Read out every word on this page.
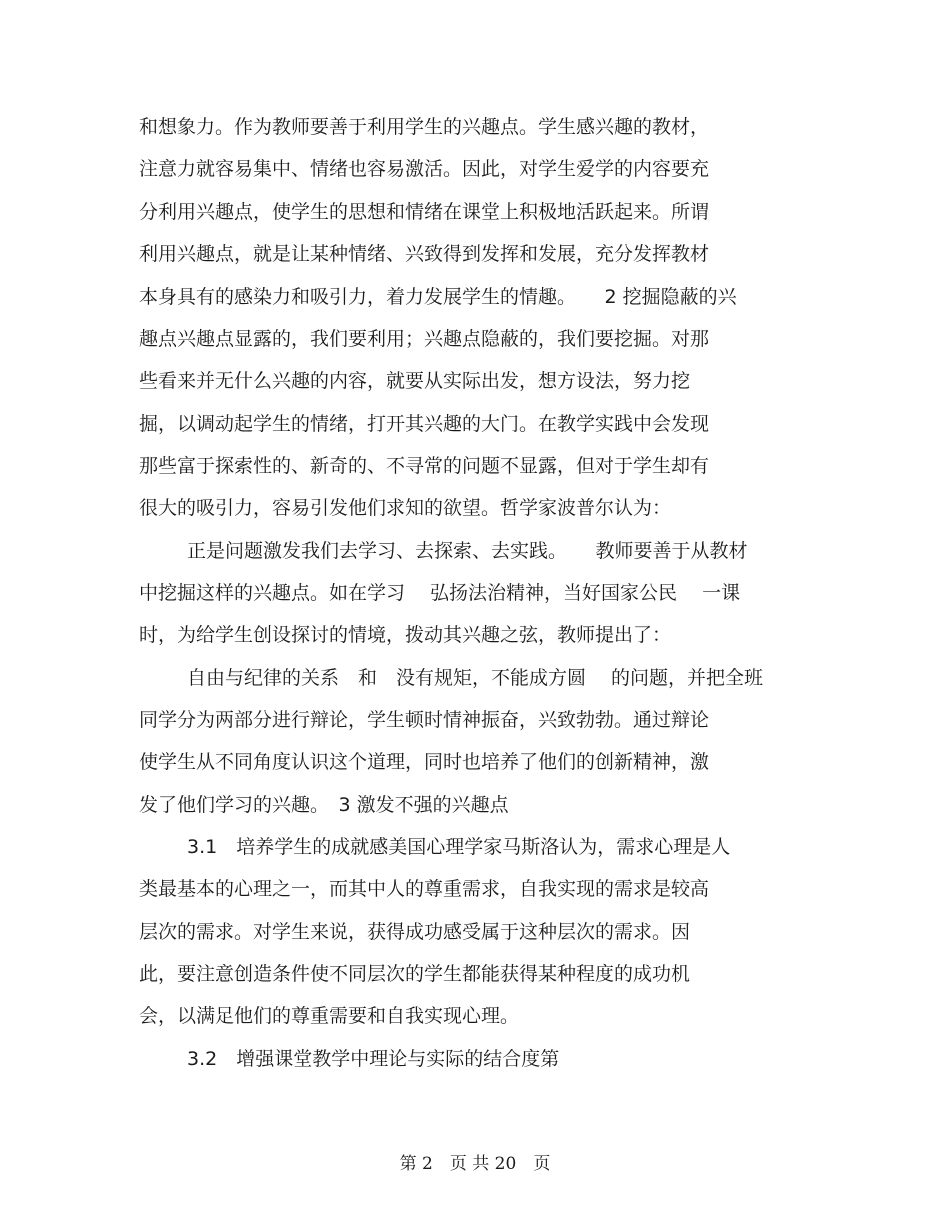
和想象力。作为教师要善于利用学生的兴趣点。学生感兴趣的教材，

注意力就容易集中、情绪也容易激活。因此，对学生爱学的内容要充

分利用兴趣点，使学生的思想和情绪在课堂上积极地活跃起来。所谓

利用兴趣点，就是让某种情绪、兴致得到发挥和发展，充分发挥教材

本身具有的感染力和吸引力，着力发展学生的情趣。　　2 挖掘隐蔽的兴

趣点兴趣点显露的，我们要利用；兴趣点隐蔽的，我们要挖掘。对那

些看来并无什么兴趣的内容，就要从实际出发，想方设法，努力挖

掘，以调动起学生的情绪，打开其兴趣的大门。在教学实践中会发现

那些富于探索性的、新奇的、不寻常的问题不显露，但对于学生却有

很大的吸引力，容易引发他们求知的欲望。哲学家波普尔认为：

正是问题激发我们去学习、去探索、去实践。　　教师要善于从教材

中挖掘这样的兴趣点。如在学习　 弘扬法治精神，当好国家公民　 一课

时，为给学生创设探讨的情境，拨动其兴趣之弦，教师提出了：

自由与纪律的关系　和　没有规矩，不能成方圆　 的问题，并把全班

同学分为两部分进行辩论，学生顿时情神振奋，兴致勃勃。通过辩论

使学生从不同角度认识这个道理，同时也培养了他们的创新精神，激

发了他们学习的兴趣。　3 激发不强的兴趣点

3.1　培养学生的成就感美国心理学家马斯洛认为，需求心理是人

类最基本的心理之一，而其中人的尊重需求，自我实现的需求是较高

层次的需求。对学生来说，获得成功感受属于这种层次的需求。因

此，要注意创造条件使不同层次的学生都能获得某种程度的成功机

会，以满足他们的尊重需要和自我实现心理。

3.2　增强课堂教学中理论与实际的结合度第

第 2　页 共 20　页
